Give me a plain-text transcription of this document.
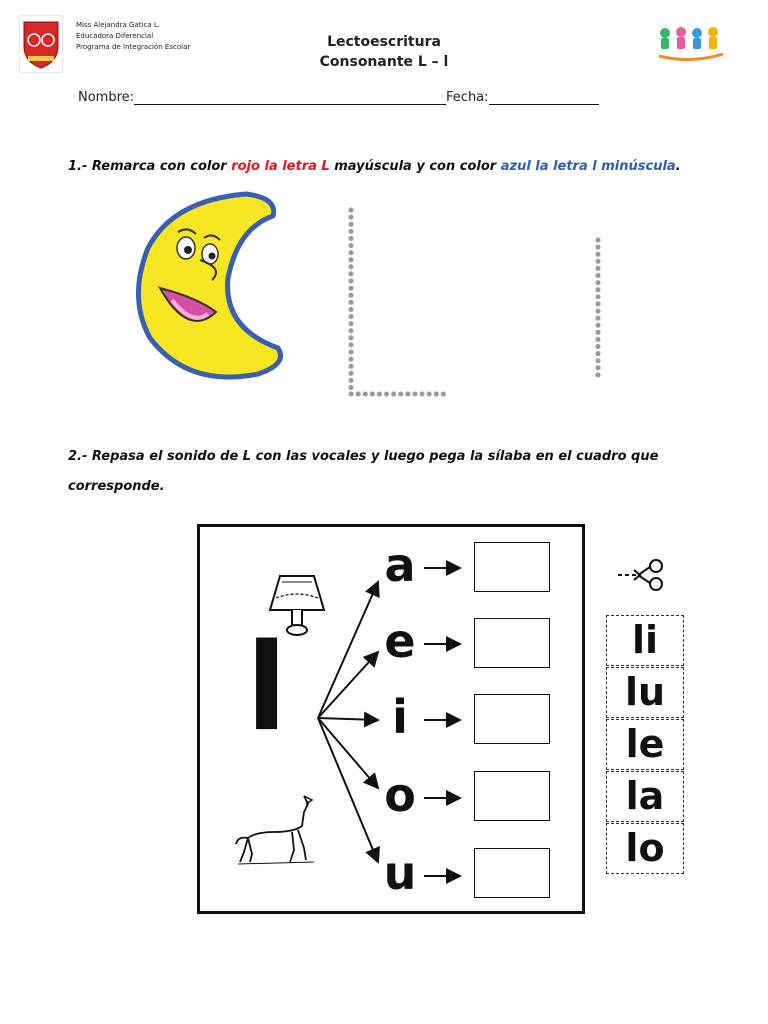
Miss Alejandra Gatica L.
Educadora Diferencial
Programa de Integración Escolar	Lectoescritura
Consonante L – l
Nombre:	Fecha:
1.- Remarca con color rojo la letra L mayúscula y con color azul la letra l minúscula.
2.- Repasa el sonido de L con las vocales y luego pega la sílaba en el cuadro que corresponde.
l
a
e
i
o
u
li
lu
le
la
lo
